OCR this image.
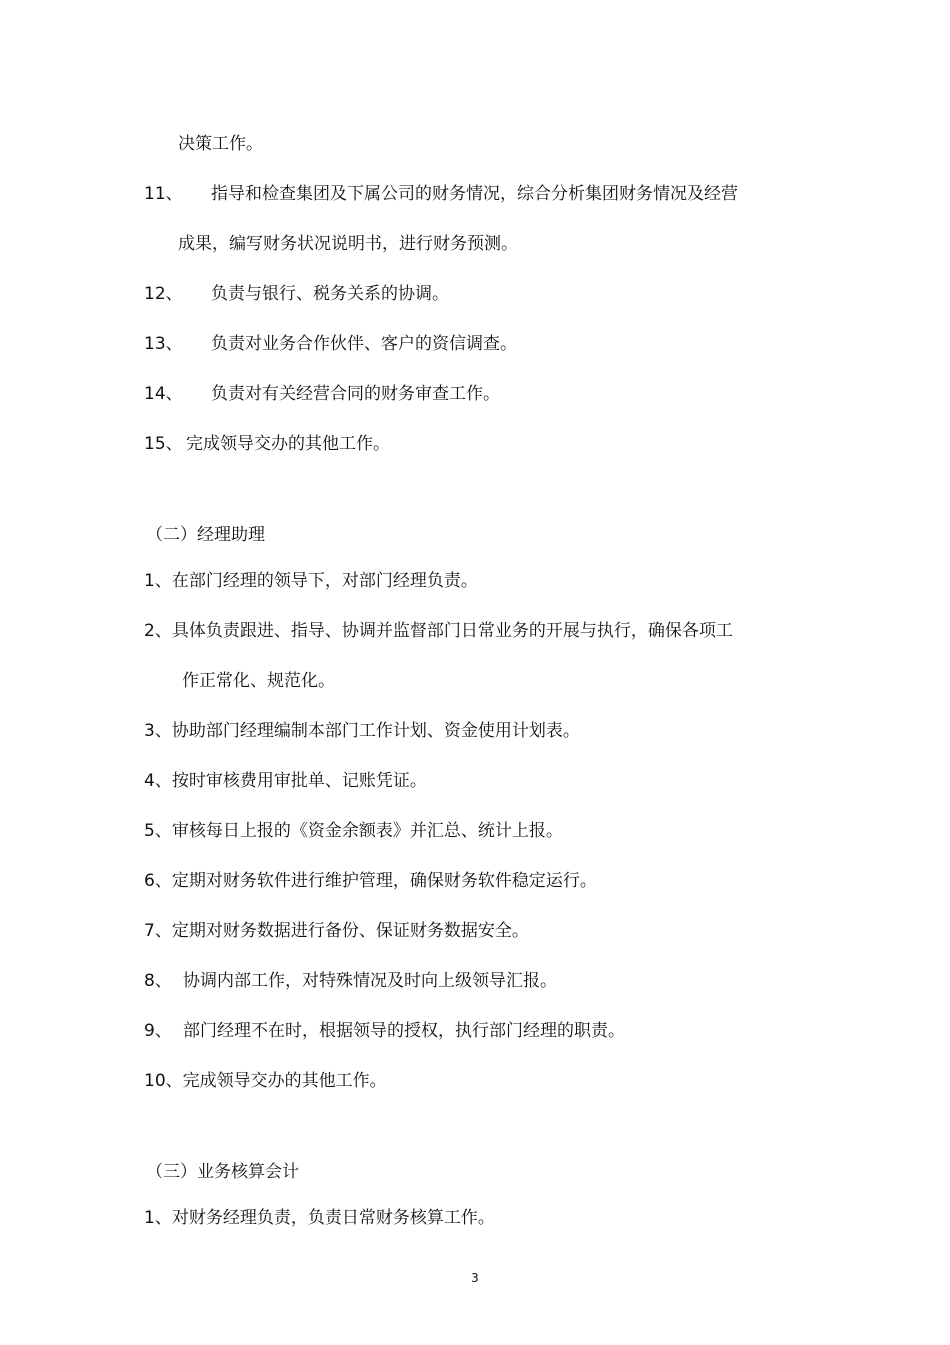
决策工作。
11、 指导和检查集团及下属公司的财务情况，综合分析集团财务情况及经营
成果，编写财务状况说明书，进行财务预测。
12、 负责与银行、税务关系的协调。
13、 负责对业务合作伙伴、客户的资信调查。
14、 负责对有关经营合同的财务审查工作。
15、 完成领导交办的其他工作。
（二）经理助理
1、在部门经理的领导下，对部门经理负责。
2、具体负责跟进、指导、协调并监督部门日常业务的开展与执行，确保各项工
作正常化、规范化。
3、协助部门经理编制本部门工作计划、资金使用计划表。
4、按时审核费用审批单、记账凭证。
5、审核每日上报的《资金余额表》并汇总、统计上报。
6、定期对财务软件进行维护管理，确保财务软件稳定运行。
7、定期对财务数据进行备份、保证财务数据安全。
8、 协调内部工作，对特殊情况及时向上级领导汇报。
9、 部门经理不在时，根据领导的授权，执行部门经理的职责。
10、完成领导交办的其他工作。
（三）业务核算会计
1、对财务经理负责，负责日常财务核算工作。
3
